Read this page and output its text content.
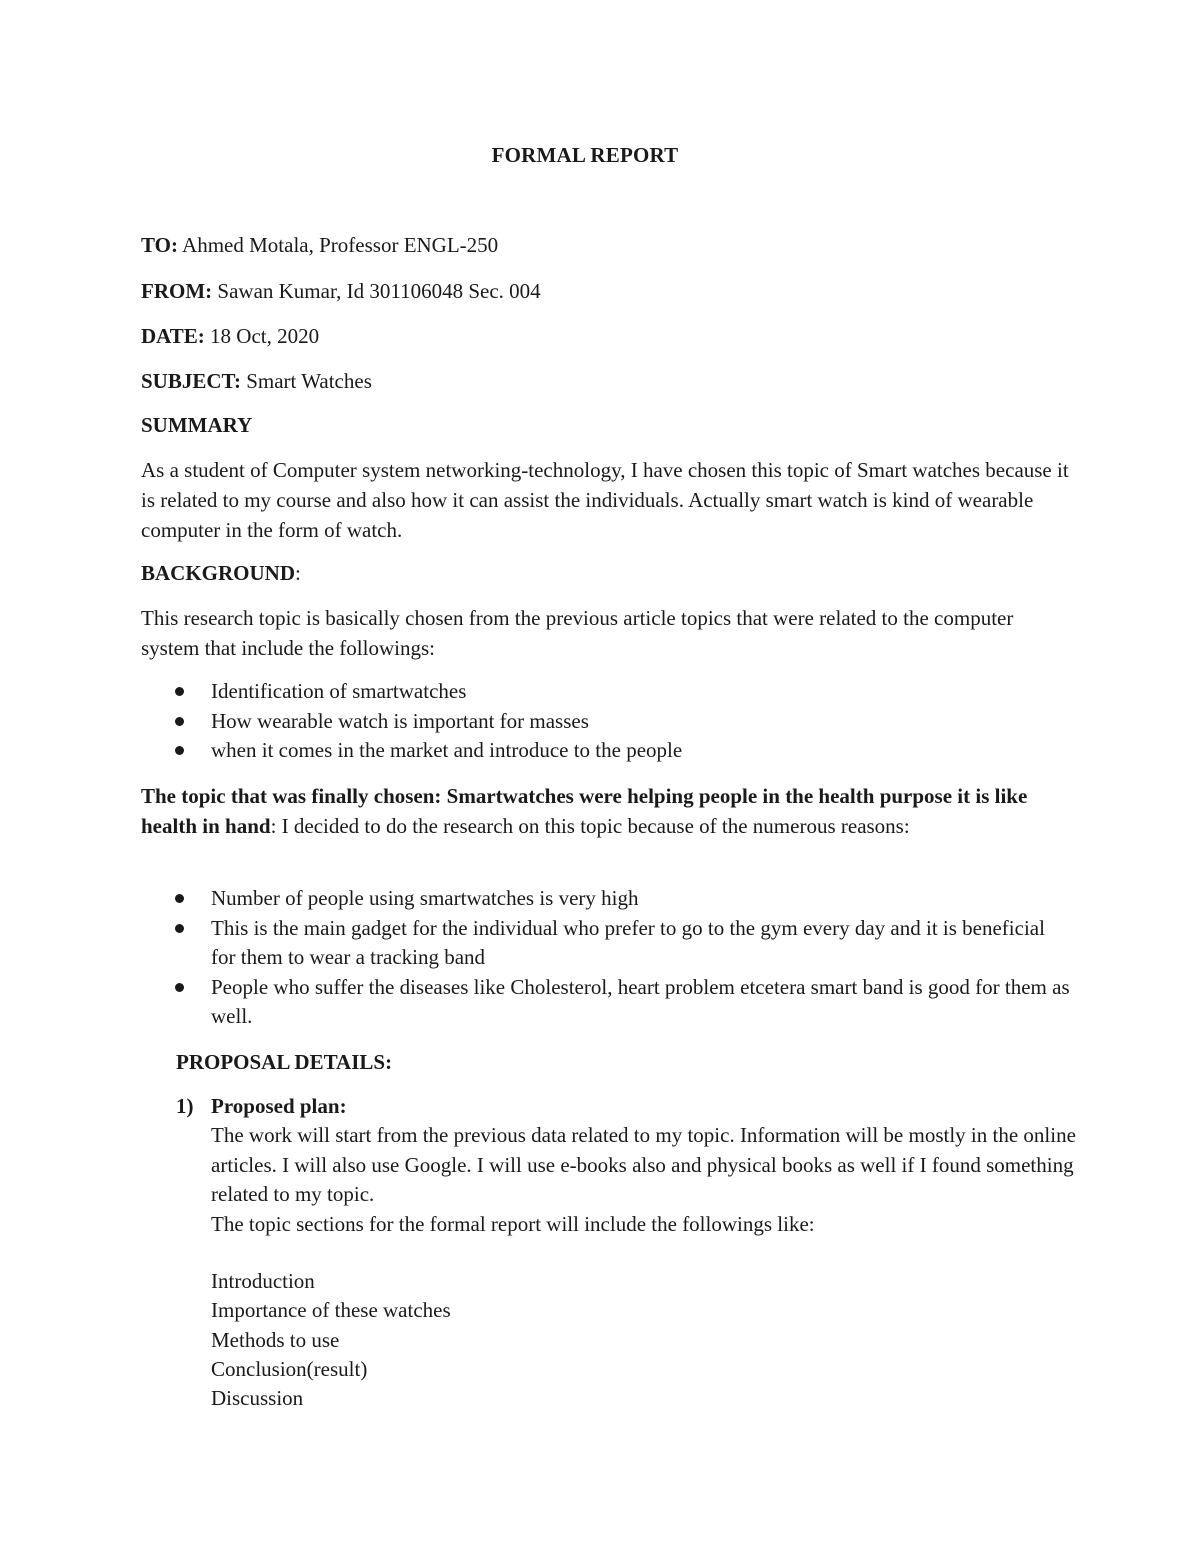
FORMAL REPORT
TO: Ahmed Motala, Professor ENGL-250
FROM: Sawan Kumar, Id 301106048 Sec. 004
DATE: 18 Oct, 2020
SUBJECT: Smart Watches
SUMMARY

As a student of Computer system networking-technology, I have chosen this topic of Smart watches because it is related to my course and also how it can assist the individuals. Actually smart watch is kind of wearable computer in the form of watch.

BACKGROUND:

This research topic is basically chosen from the previous article topics that were related to the computer system that include the followings:

Identification of smartwatches
How wearable watch is important for masses
when it comes in the market and introduce to the people

The topic that was finally chosen: Smartwatches were helping people in the health purpose it is like health in hand: I decided to do the research on this topic because of the numerous reasons:

Number of people using smartwatches is very high
This is the main gadget for the individual who prefer to go to the gym every day and it is beneficial for them to wear a tracking band
People who suffer the diseases like Cholesterol, heart problem etcetera smart band is good for them as well.
PROPOSAL DETAILS:
1) Proposed plan:

The work will start from the previous data related to my topic. Information will be mostly in the online articles. I will also use Google. I will use e-books also and physical books as well if I found something related to my topic.

The topic sections for the formal report will include the followings like:

Introduction
Importance of these watches
Methods to use
Conclusion(result)
Discussion
